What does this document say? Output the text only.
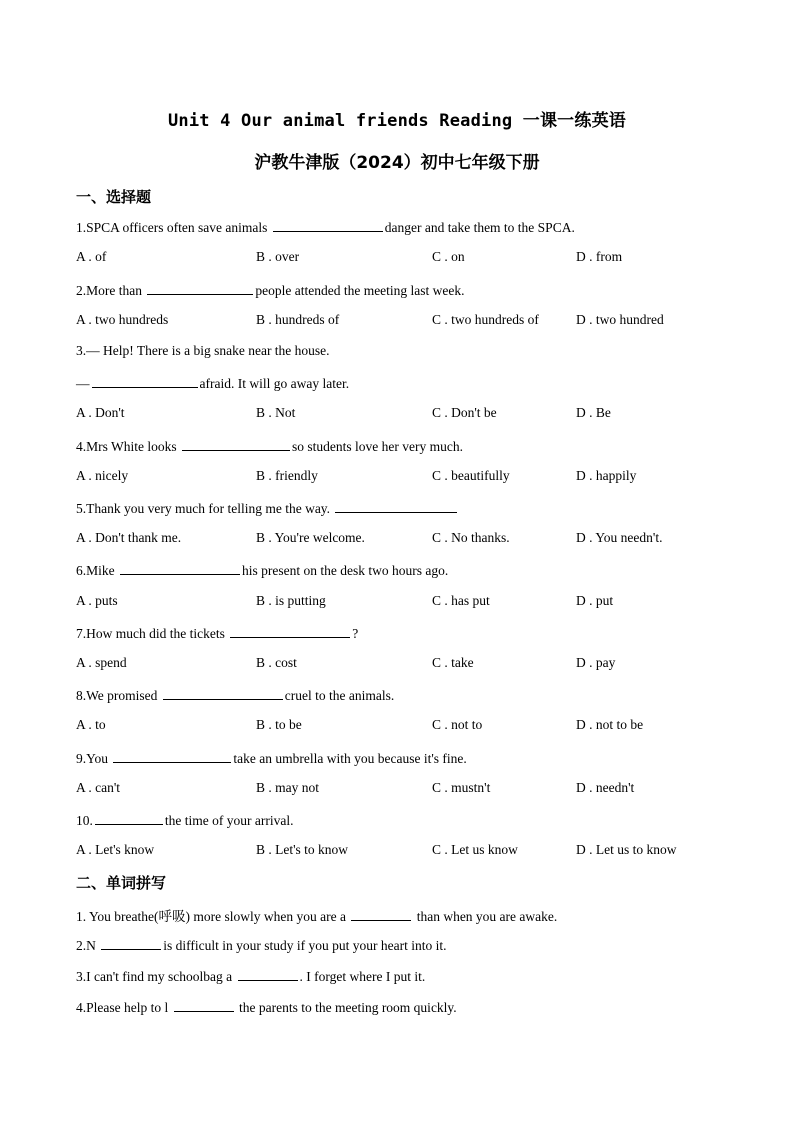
Unit 4 Our animal friends Reading 一课一练英语
沪教牛津版（2024）初中七年级下册
一、选择题
1.SPCA officers often save animals	danger and take them to the SPCA.
A . of	B . over	C . on	D . from
2.More than	people attended the meeting last week.
A . two hundreds	B . hundreds of	C . two hundreds of	D . two hundred
3.— Help! There is a big snake near the house.
—	afraid. It will go away later.
A . Don't	B . Not	C . Don't be	D . Be
4.Mrs White looks	so students love her very much.
A . nicely	B . friendly	C . beautifully	D . happily
5.Thank you very much for telling me the way.
A . Don't thank me.	B . You're welcome.	C . No thanks.	D . You needn't.
6.Mike	his present on the desk two hours ago.
A . puts	B . is putting	C . has put	D . put
7.How much did the tickets	?
A . spend	B . cost	C . take	D . pay
8.We promised	cruel to the animals.
A . to	B . to be	C . not to	D . not to be
9.You	take an umbrella with you because it's fine.
A . can't	B . may not	C . mustn't	D . needn't
10.	the time of your arrival.
A . Let's know	B . Let's to know	C . Let us know	D . Let us to know
二、单词拼写
1. You breathe(呼吸) more slowly when you are a	than when you are awake.
2.N	is difficult in your study if you put your heart into it.
3.I can't find my schoolbag a	. I forget where I put it.
4.Please help to l	the parents to the meeting room quickly.
